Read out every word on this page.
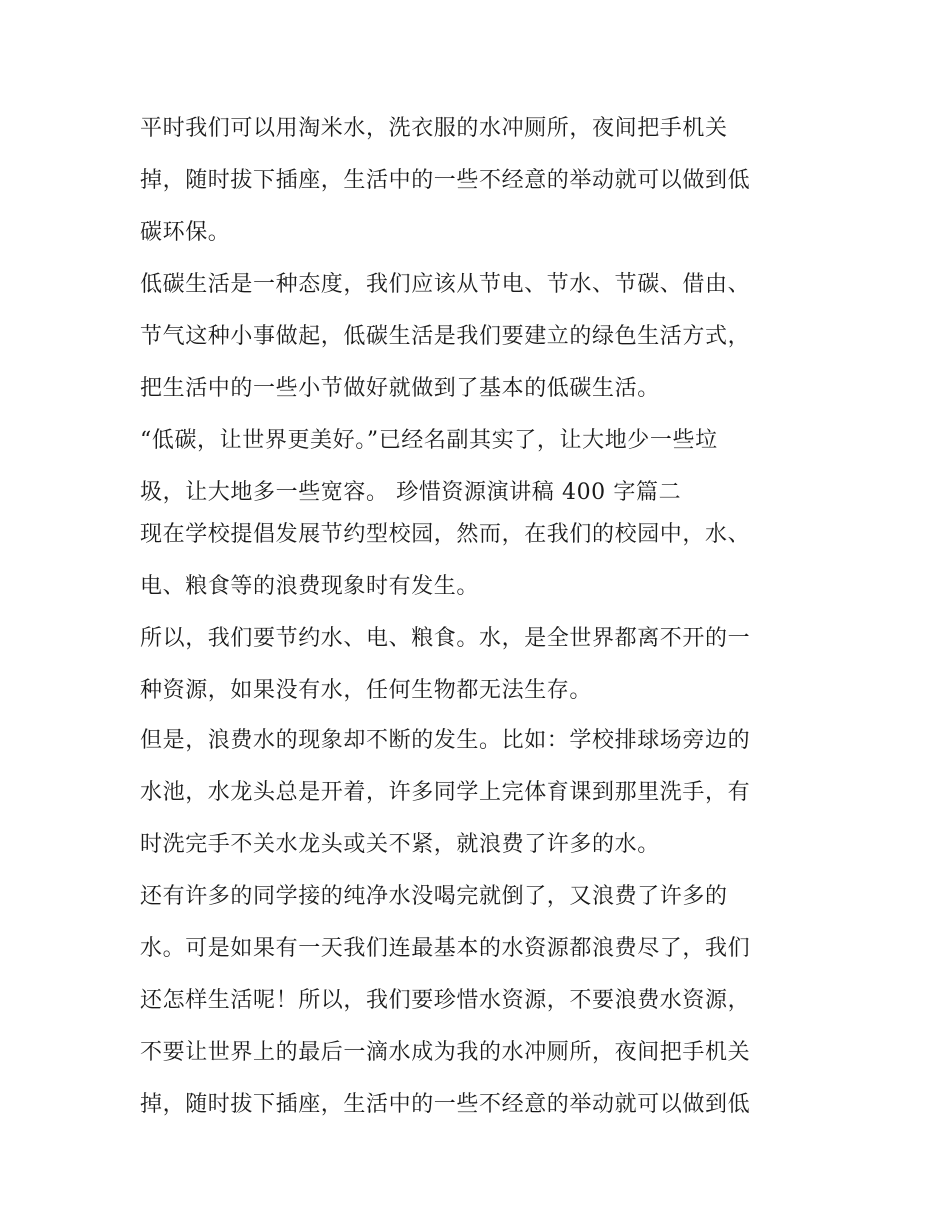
平时我们可以用淘米水，洗衣服的水冲厕所，夜间把手机关
掉，随时拔下插座，生活中的一些不经意的举动就可以做到低
碳环保。
低碳生活是一种态度，我们应该从节电、节水、节碳、借由、
节气这种小事做起，低碳生活是我们要建立的绿色生活方式，
把生活中的一些小节做好就做到了基本的低碳生活。
“低碳，让世界更美好。”已经名副其实了，让大地少一些垃
圾，让大地多一些宽容。 珍惜资源演讲稿 400 字篇二
现在学校提倡发展节约型校园，然而，在我们的校园中，水、
电、粮食等的浪费现象时有发生。
所以，我们要节约水、电、粮食。水，是全世界都离不开的一
种资源，如果没有水，任何生物都无法生存。
但是，浪费水的现象却不断的发生。比如：学校排球场旁边的
水池，水龙头总是开着，许多同学上完体育课到那里洗手，有
时洗完手不关水龙头或关不紧，就浪费了许多的水。
还有许多的同学接的纯净水没喝完就倒了，又浪费了许多的
水。可是如果有一天我们连最基本的水资源都浪费尽了，我们
还怎样生活呢！所以，我们要珍惜水资源，不要浪费水资源，
不要让世界上的最后一滴水成为我的水冲厕所，夜间把手机关
掉，随时拔下插座，生活中的一些不经意的举动就可以做到低
